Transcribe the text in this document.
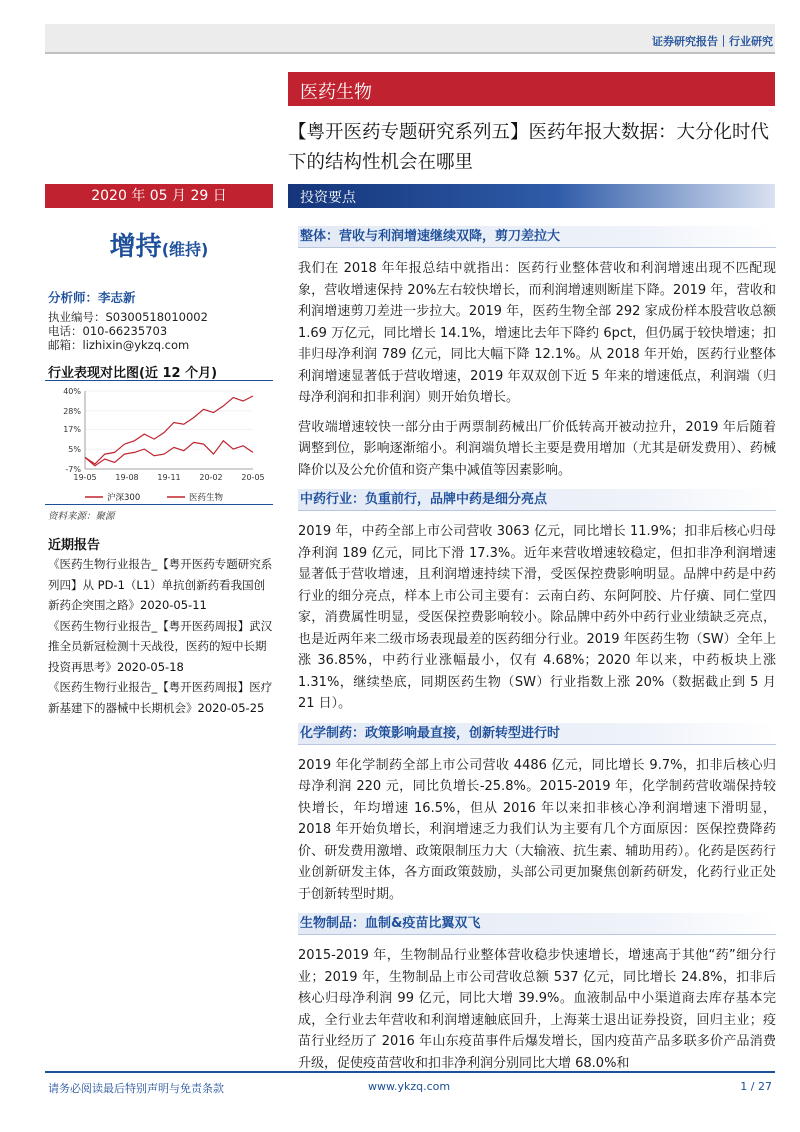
证券研究报告｜行业研究
医药生物
【粤开医药专题研究系列五】医药年报大数据：大分化时代下的结构性机会在哪里
2020 年 05 月 29 日	投资要点
增持(维持)
分析师：李志新
执业编号：S0300518010002
电话：010-66235703
邮箱：lizhixin@ykzq.com
行业表现对比图(近 12 个月)
40%
28%
17%
5%
-7%
19-05 19-08 19-11 20-02 20-05
沪深300	医药生物
资料来源：聚源
近期报告

《医药生物行业报告_【粤开医药专题研究系列四】从 PD-1（L1）单抗创新药看我国创新药企突围之路》2020-05-11

《医药生物行业报告_【粤开医药周报】武汉推全员新冠检测十天战役，医药的短中长期投资再思考》2020-05-18

《医药生物行业报告_【粤开医药周报】医疗新基建下的器械中长期机会》2020-05-25

整体：营收与利润增速继续双降，剪刀差拉大

我们在 2018 年年报总结中就指出：医药行业整体营收和利润增速出现不匹配现象，营收增速保持 20%左右较快增长，而利润增速则断崖下降。2019 年，营收和利润增速剪刀差进一步拉大。2019 年，医药生物全部 292 家成份样本股营收总额 1.69 万亿元，同比增长 14.1%，增速比去年下降约 6pct，但仍属于较快增速；扣非归母净利润 789 亿元，同比大幅下降 12.1%。从 2018 年开始，医药行业整体利润增速显著低于营收增速，2019 年双双创下近 5 年来的增速低点，利润端（归母净利润和扣非利润）则开始负增长。

营收端增速较快一部分由于两票制药械出厂价低转高开被动拉升，2019 年后随着调整到位，影响逐渐缩小。利润端负增长主要是费用增加（尤其是研发费用）、药械降价以及公允价值和资产集中减值等因素影响。

中药行业：负重前行，品牌中药是细分亮点

2019 年，中药全部上市公司营收 3063 亿元，同比增长 11.9%；扣非后核心归母净利润 189 亿元，同比下滑 17.3%。近年来营收增速较稳定，但扣非净利润增速显著低于营收增速，且利润增速持续下滑，受医保控费影响明显。品牌中药是中药行业的细分亮点，样本上市公司主要有：云南白药、东阿阿胶、片仔癀、同仁堂四家，消费属性明显，受医保控费影响较小。除品牌中药外中药行业业绩缺乏亮点，也是近两年来二级市场表现最差的医药细分行业。2019 年医药生物（SW）全年上涨 36.85%，中药行业涨幅最小，仅有 4.68%；2020 年以来，中药板块上涨 1.31%，继续垫底，同期医药生物（SW）行业指数上涨 20%（数据截止到 5 月 21 日）。

化学制药：政策影响最直接，创新转型进行时

2019 年化学制药全部上市公司营收 4486 亿元，同比增长 9.7%，扣非后核心归母净利润 220 元，同比负增长-25.8%。2015-2019 年，化学制药营收端保持较快增长，年均增速 16.5%，但从 2016 年以来扣非核心净利润增速下滑明显，2018 年开始负增长，利润增速乏力我们认为主要有几个方面原因：医保控费降药价、研发费用激增、政策限制压力大（大输液、抗生素、辅助用药）。化药是医药行业创新研发主体，各方面政策鼓励，头部公司更加聚焦创新药研发，化药行业正处于创新转型时期。

生物制品：血制&疫苗比翼双飞

2015-2019 年，生物制品行业整体营收稳步快速增长，增速高于其他“药”细分行业；2019 年，生物制品上市公司营收总额 537 亿元，同比增长 24.8%，扣非后核心归母净利润 99 亿元，同比大增 39.9%。血液制品中小渠道商去库存基本完成，全行业去年营收和利润增速触底回升，上海莱士退出证券投资，回归主业；疫苗行业经历了 2016 年山东疫苗事件后爆发增长，国内疫苗产品多联多价产品消费升级，促使疫苗营收和扣非净利润分别同比大增 68.0%和

请务必阅读最后特别声明与免责条款	www.ykzq.com	1 / 27
